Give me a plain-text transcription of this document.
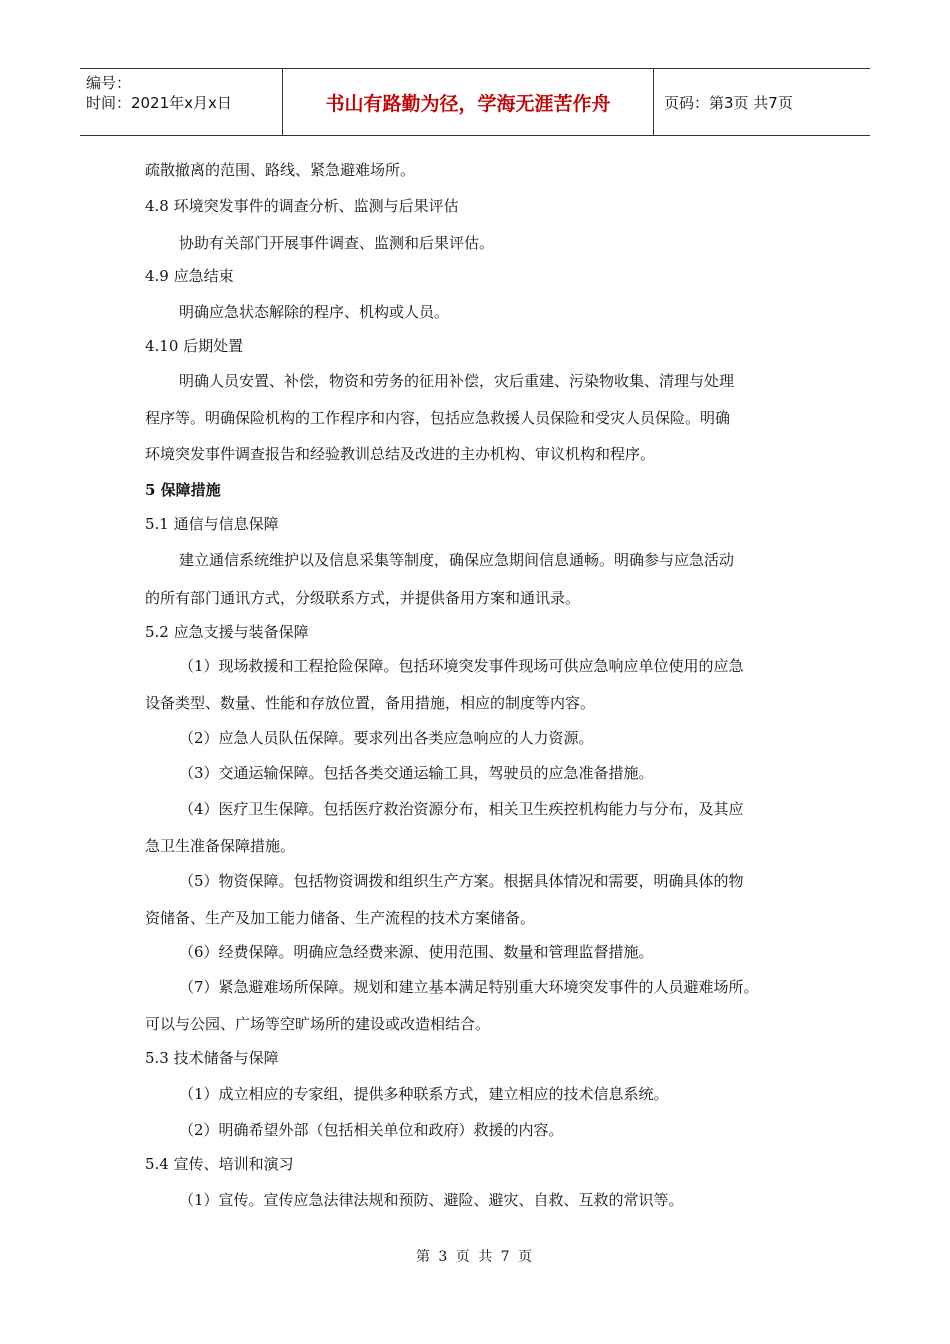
编号：
时间：2021年x月x日	书山有路勤为径，学海无涯苦作舟	页码：第3页 共7页
疏散撤离的范围、路线、紧急避难场所。
4.8 环境突发事件的调查分析、监测与后果评估
协助有关部门开展事件调查、监测和后果评估。
4.9 应急结束
明确应急状态解除的程序、机构或人员。
4.10 后期处置
明确人员安置、补偿，物资和劳务的征用补偿，灾后重建、污染物收集、清理与处理
程序等。明确保险机构的工作程序和内容，包括应急救援人员保险和受灾人员保险。明确
环境突发事件调查报告和经验教训总结及改进的主办机构、审议机构和程序。
5 保障措施
5.1 通信与信息保障
建立通信系统维护以及信息采集等制度，确保应急期间信息通畅。明确参与应急活动
的所有部门通讯方式，分级联系方式，并提供备用方案和通讯录。
5.2 应急支援与装备保障
（1）现场救援和工程抢险保障。包括环境突发事件现场可供应急响应单位使用的应急
设备类型、数量、性能和存放位置，备用措施，相应的制度等内容。
（2）应急人员队伍保障。要求列出各类应急响应的人力资源。
（3）交通运输保障。包括各类交通运输工具，驾驶员的应急准备措施。
（4）医疗卫生保障。包括医疗救治资源分布，相关卫生疾控机构能力与分布，及其应
急卫生准备保障措施。
（5）物资保障。包括物资调拨和组织生产方案。根据具体情况和需要，明确具体的物
资储备、生产及加工能力储备、生产流程的技术方案储备。
（6）经费保障。明确应急经费来源、使用范围、数量和管理监督措施。
（7）紧急避难场所保障。规划和建立基本满足特别重大环境突发事件的人员避难场所。
可以与公园、广场等空旷场所的建设或改造相结合。
5.3 技术储备与保障
（1）成立相应的专家组，提供多种联系方式，建立相应的技术信息系统。
（2）明确希望外部（包括相关单位和政府）救援的内容。
5.4 宣传、培训和演习
（1）宣传。宣传应急法律法规和预防、避险、避灾、自救、互救的常识等。
第 3 页 共 7 页
